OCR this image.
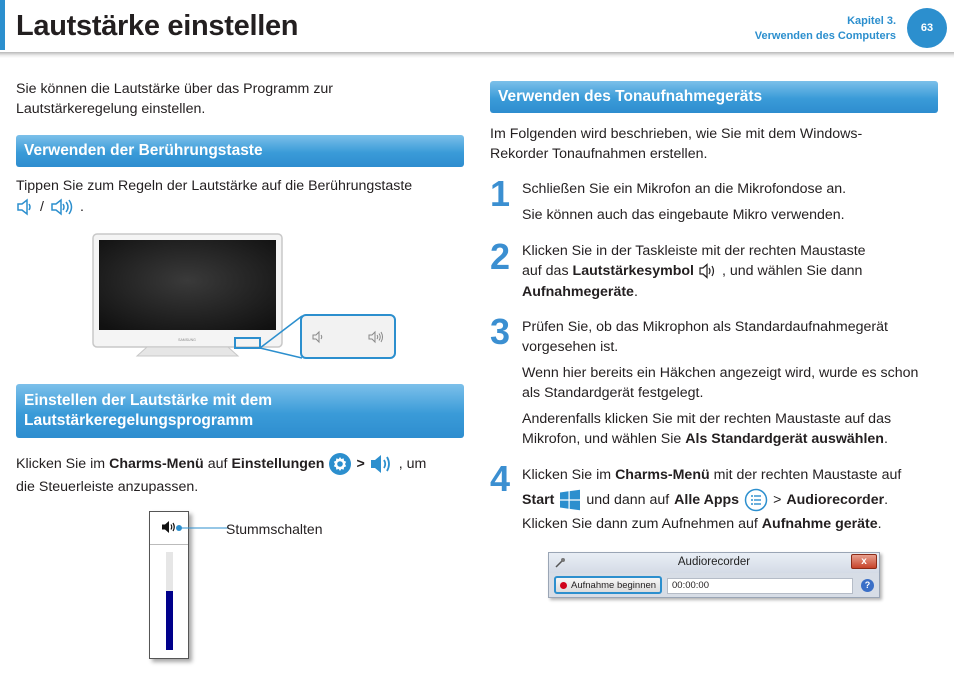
Lautstärke einstellen	Kapitel 3.
Verwenden des Computers
63
Sie können die Lautstärke über das Programm zur Lautstärkeregelung einstellen.
Verwenden der Berührungstaste
Tippen Sie zum Regeln der Lautstärke auf die Berührungstaste
/	.
SAMSUNG
Einstellen der Lautstärke mit dem
Lautstärkeregelungsprogramm
Klicken Sie im Charms-Menü auf Einstellungen > , um
die Steuerleiste anzupassen.
Stummschalten
Verwenden des Tonaufnahmegeräts
Im Folgenden wird beschrieben, wie Sie mit dem Windows-Rekorder Tonaufnahmen erstellen.
1 Schließen Sie ein Mikrofon an die Mikrofondose an.
Sie können auch das eingebaute Mikro verwenden.
2 Klicken Sie in der Taskleiste mit der rechten Maustaste
auf das Lautstärkesymbol , und wählen Sie dann
Aufnahmegeräte.
3 Prüfen Sie, ob das Mikrophon als Standardaufnahmegerät vorgesehen ist.
Wenn hier bereits ein Häkchen angezeigt wird, wurde es schon als Standardgerät festgelegt.
Anderenfalls klicken Sie mit der rechten Maustaste auf das Mikrofon, und wählen Sie Als Standardgerät auswählen.
4 Klicken Sie im Charms-Menü mit der rechten Maustaste auf
Start und dann auf Alle Apps > Audiorecorder .
Klicken Sie dann zum Aufnehmen auf Aufnahme geräte.
Audiorecorder	x
Aufnahme beginnen	00:00:00	?
